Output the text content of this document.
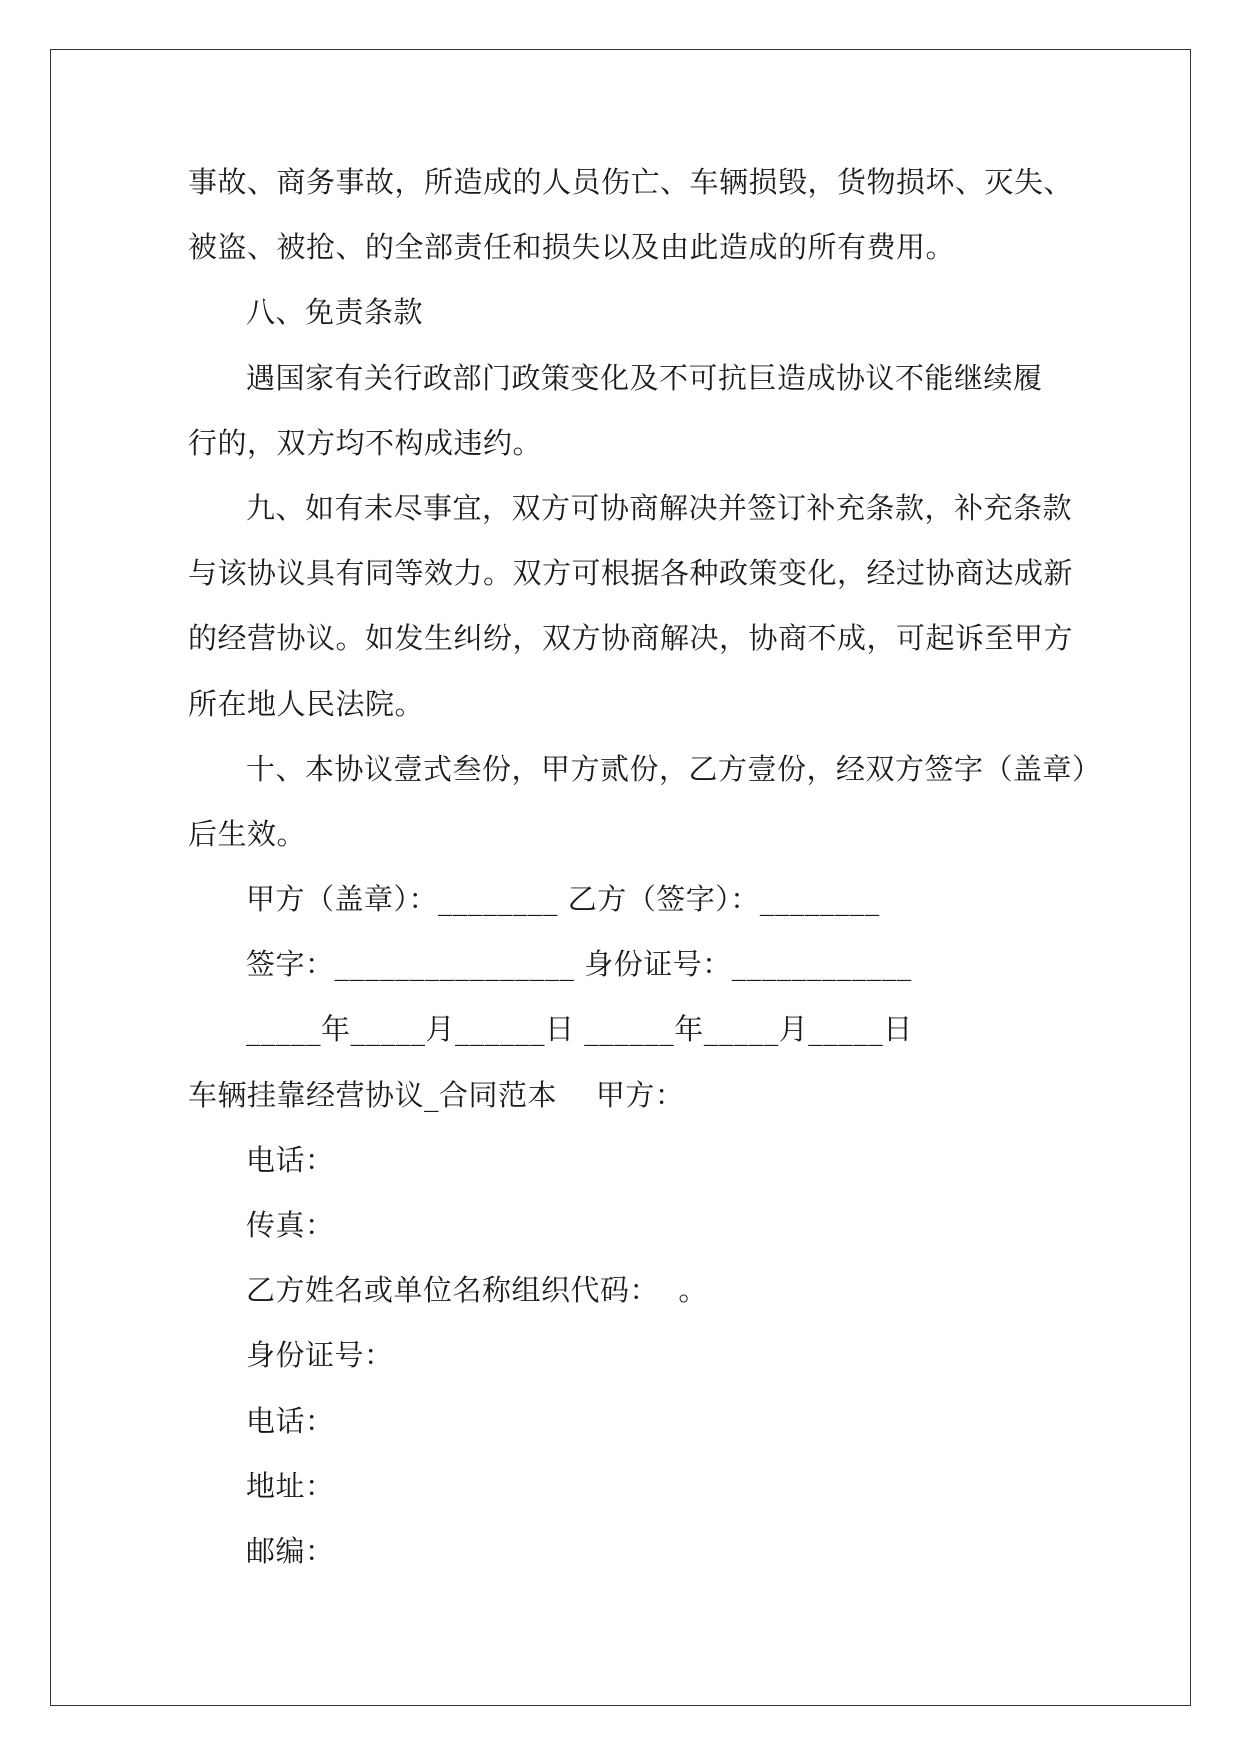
事故、商务事故，所造成的人员伤亡、车辆损毁，货物损坏、灭失、
被盗、被抢、的全部责任和损失以及由此造成的所有费用。
八、免责条款
遇国家有关行政部门政策变化及不可抗巨造成协议不能继续履
行的，双方均不构成违约。
九、如有未尽事宜，双方可协商解决并签订补充条款，补充条款
与该协议具有同等效力。双方可根据各种政策变化，经过协商达成新
的经营协议。如发生纠纷，双方协商解决，协商不成，可起诉至甲方
所在地人民法院。
十、本协议壹式叁份，甲方贰份，乙方壹份，经双方签字（盖章）
后生效。
甲方（盖章）：________ 乙方（签字）：________
签字：________________ 身份证号：____________
_____年_____月______日 ______年_____月_____日
车辆挂靠经营协议_合同范本    甲方：
电话：
传真：
乙方姓名或单位名称组织代码：  。
身份证号：
电话：
地址：
邮编：
